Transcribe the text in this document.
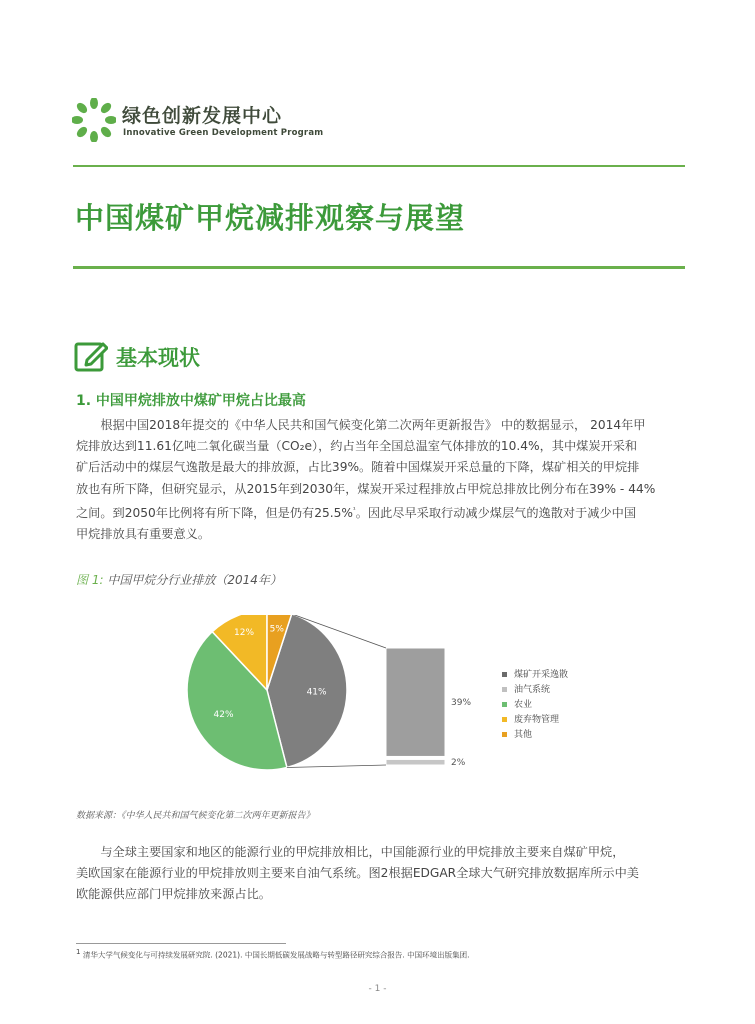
绿色创新发展中心
Innovative Green Development Program
中国煤矿甲烷减排观察与展望
基本现状
1. 中国甲烷排放中煤矿甲烷占比最高
  根据中国2018年提交的《中华人民共和国气候变化第二次两年更新报告》 中的数据显示， 2014年甲
烷排放达到11.61亿吨二氧化碳当量（CO₂e），约占当年全国总温室气体排放的10.4%，其中煤炭开采和
矿后活动中的煤层气逸散是最大的排放源，占比39%。随着中国煤炭开采总量的下降，煤矿相关的甲烷排
放也有所下降，但研究显示，从2015年到2030年，煤炭开采过程排放占甲烷总排放比例分布在39% - 44%
之间。到2050年比例将有所下降，但是仍有25.5%$^{^1}$。因此尽早采取行动减少煤层气的逸散对于减少中国
甲烷排放具有重要意义。
图 1: 中国甲烷分行业排放（2014年）
41%
42%
12% 5%
39%
2%
煤矿开采逸散
油气系统
农业
废弃物管理
其他
数据来源：《中华人民共和国气候变化第二次两年更新报告》
  与全球主要国家和地区的能源行业的甲烷排放相比，中国能源行业的甲烷排放主要来自煤矿甲烷，
美欧国家在能源行业的甲烷排放则主要来自油气系统。图2根据EDGAR全球大气研究排放数据库所示中美
欧能源供应部门甲烷排放来源占比。
$^1$ 清华大学气候变化与可持续发展研究院. (2021). 中国长期低碳发展战略与转型路径研究综合报告. 中国环境出版集团.
- 1 -
